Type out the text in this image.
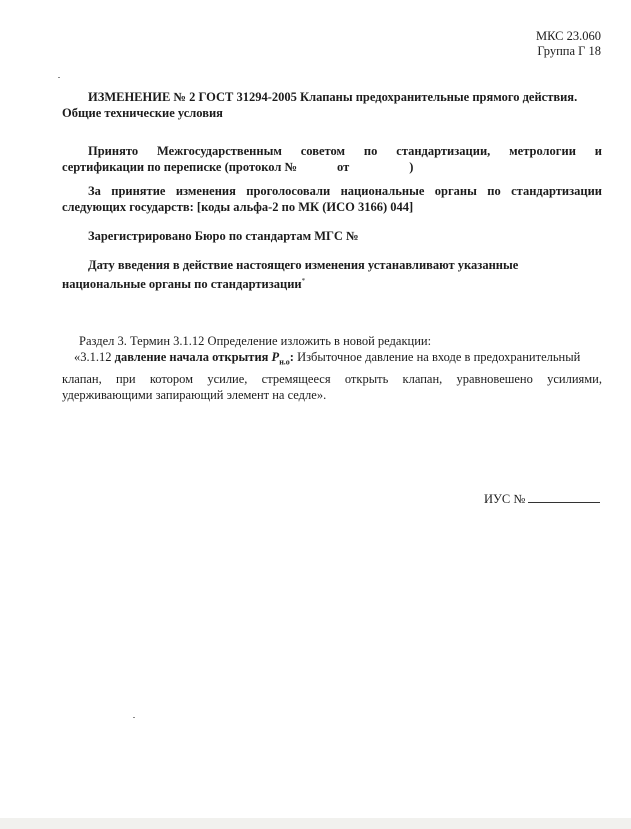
МКС 23.060
Группа Г 18
ИЗМЕНЕНИЕ № 2 ГОСТ 31294-2005 Клапаны предохранительные прямого действия.
Общие технические условия
Принято Межгосударственным советом по стандартизации, метрологии и
сертификации по переписке (протокол №	от	)
За принятие изменения проголосовали национальные органы по стандартизации
следующих государств: [коды альфа-2 по МК (ИСО 3166) 044]
Зарегистрировано Бюро по стандартам МГС №
Дату введения в действие настоящего изменения устанавливают указанные
национальные органы по стандартизации*
Раздел 3. Термин 3.1.12 Определение изложить в новой редакции:
«3.1.12 давление начала открытия $P_{н.о}$: Избыточное давление на входе в предохранительный
клапан, при котором усилие, стремящееся открыть клапан, уравновешено усилиями,
удерживающими запирающий элемент на седле».
ИУС №
